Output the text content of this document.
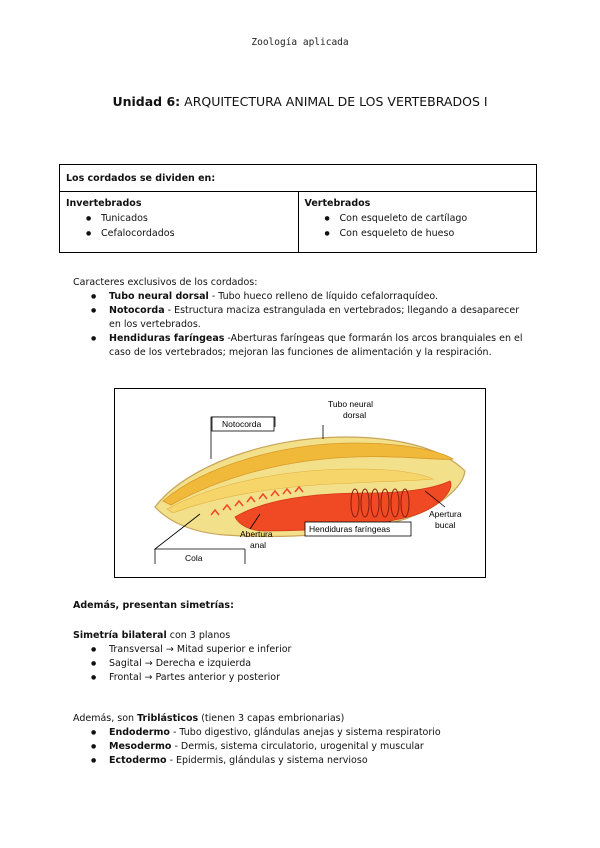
Zoología aplicada
Unidad 6: ARQUITECTURA ANIMAL DE LOS VERTEBRADOS I
Los cordados se dividen en:

Invertebrados
● Tunicados
● Cefalocordados

Vertebrados
● Con esqueleto de cartílago
● Con esqueleto de hueso
Caracteres exclusivos de los cordados:
● Tubo neural dorsal - Tubo hueco relleno de líquido cefalorraquídeo.
● Notocorda - Estructura maciza estrangulada en vertebrados; llegando a desaparecer en los vertebrados.
● Hendiduras faríngeas -Aberturas faríngeas que formarán los arcos branquiales en el caso de los vertebrados; mejoran las funciones de alimentación y la respiración.
Tubo neural
dorsal
Notocorda
Abertura
anal
Hendiduras faríngeas
Apertura
bucal
Cola
Además, presentan simetrías:
Simetría bilateral con 3 planos
● Transversal → Mitad superior e inferior
● Sagital → Derecha e izquierda
● Frontal → Partes anterior y posterior
Además, son Triblásticos (tienen 3 capas embrionarias)
● Endodermo - Tubo digestivo, glándulas anejas y sistema respiratorio
● Mesodermo - Dermis, sistema circulatorio, urogenital y muscular
● Ectodermo - Epidermis, glándulas y sistema nervioso
